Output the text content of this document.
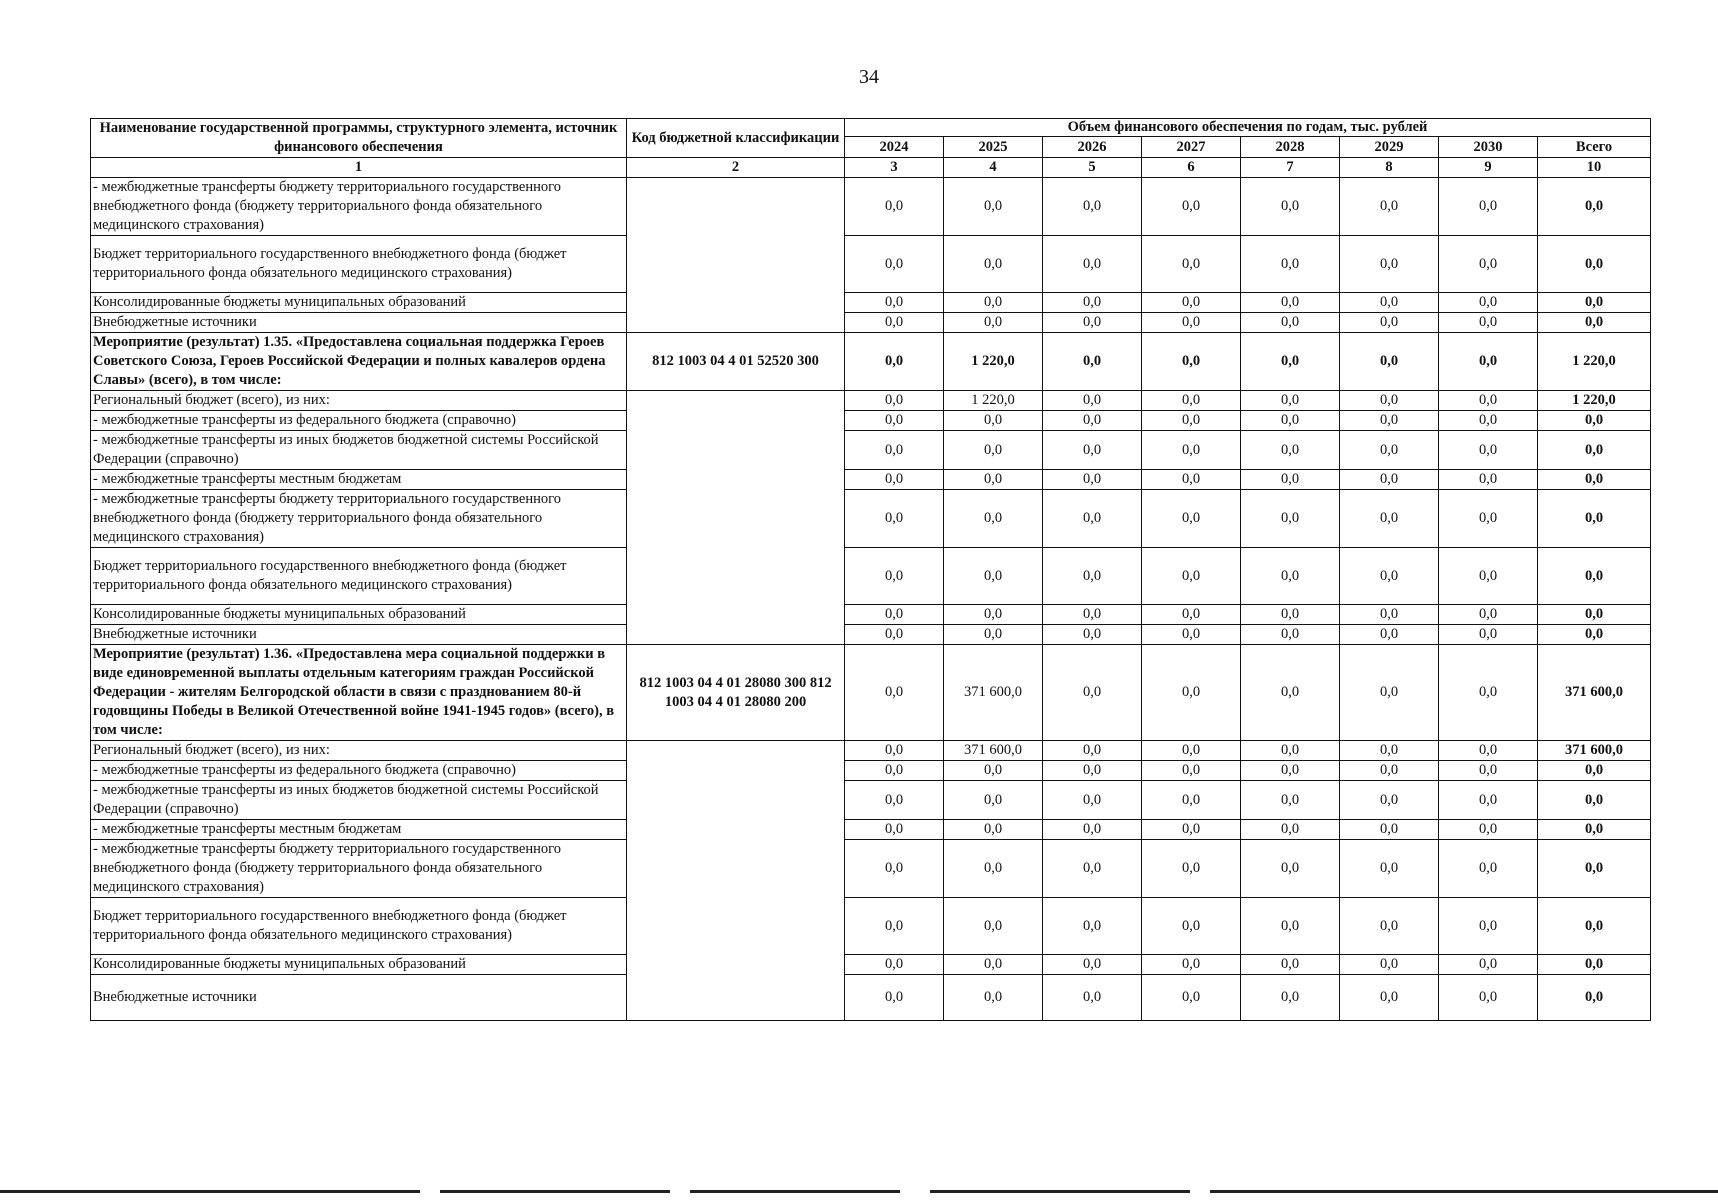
34
Наименование государственной программы, структурного элемента, источник финансового обеспечения	Код бюджетной классификации	Объем финансового обеспечения по годам, тыс. рублей							
		2024	2025	2026	2027	2028	2029	2030	Всего
1	2	3	4	5	6	7	8	9	10
- межбюджетные трансферты бюджету территориального государственного внебюджетного фонда (бюджету территориального фонда обязательного медицинского страхования)		0,0	0,0	0,0	0,0	0,0	0,0	0,0	0,0
Бюджет территориального государственного внебюджетного фонда (бюджет территориального фонда обязательного медицинского страхования)		0,0	0,0	0,0	0,0	0,0	0,0	0,0	0,0
Консолидированные бюджеты муниципальных образований		0,0	0,0	0,0	0,0	0,0	0,0	0,0	0,0
Внебюджетные источники		0,0	0,0	0,0	0,0	0,0	0,0	0,0	0,0
Мероприятие (результат) 1.35. «Предоставлена социальная поддержка Героев Советского Союза, Героев Российской Федерации и полных кавалеров ордена Славы» (всего), в том числе:	812 1003 04 4 01 52520 300	0,0	1 220,0	0,0	0,0	0,0	0,0	0,0	1 220,0
Региональный бюджет (всего), из них:		0,0	1 220,0	0,0	0,0	0,0	0,0	0,0	1 220,0
- межбюджетные трансферты из федерального бюджета (справочно)		0,0	0,0	0,0	0,0	0,0	0,0	0,0	0,0
- межбюджетные трансферты из иных бюджетов бюджетной системы Российской Федерации (справочно)		0,0	0,0	0,0	0,0	0,0	0,0	0,0	0,0
- межбюджетные трансферты местным бюджетам		0,0	0,0	0,0	0,0	0,0	0,0	0,0	0,0
- межбюджетные трансферты бюджету территориального государственного внебюджетного фонда (бюджету территориального фонда обязательного медицинского страхования)		0,0	0,0	0,0	0,0	0,0	0,0	0,0	0,0
Бюджет территориального государственного внебюджетного фонда (бюджет территориального фонда обязательного медицинского страхования)		0,0	0,0	0,0	0,0	0,0	0,0	0,0	0,0
Консолидированные бюджеты муниципальных образований		0,0	0,0	0,0	0,0	0,0	0,0	0,0	0,0
Внебюджетные источники		0,0	0,0	0,0	0,0	0,0	0,0	0,0	0,0
Мероприятие (результат) 1.36. «Предоставлена мера социальной поддержки в виде единовременной выплаты отдельным категориям граждан Российской Федерации - жителям Белгородской области в связи с празднованием 80-й годовщины Победы в Великой Отечественной войне 1941-1945 годов» (всего), в том числе:	812 1003 04 4 01 28080 300 812 1003 04 4 01 28080 200	0,0	371 600,0	0,0	0,0	0,0	0,0	0,0	371 600,0
Региональный бюджет (всего), из них:		0,0	371 600,0	0,0	0,0	0,0	0,0	0,0	371 600,0
- межбюджетные трансферты из федерального бюджета (справочно)		0,0	0,0	0,0	0,0	0,0	0,0	0,0	0,0
- межбюджетные трансферты из иных бюджетов бюджетной системы Российской Федерации (справочно)		0,0	0,0	0,0	0,0	0,0	0,0	0,0	0,0
- межбюджетные трансферты местным бюджетам		0,0	0,0	0,0	0,0	0,0	0,0	0,0	0,0
- межбюджетные трансферты бюджету территориального государственного внебюджетного фонда (бюджету территориального фонда обязательного медицинского страхования)		0,0	0,0	0,0	0,0	0,0	0,0	0,0	0,0
Бюджет территориального государственного внебюджетного фонда (бюджет территориального фонда обязательного медицинского страхования)		0,0	0,0	0,0	0,0	0,0	0,0	0,0	0,0
Консолидированные бюджеты муниципальных образований		0,0	0,0	0,0	0,0	0,0	0,0	0,0	0,0
Внебюджетные источники		0,0	0,0	0,0	0,0	0,0	0,0	0,0	0,0
